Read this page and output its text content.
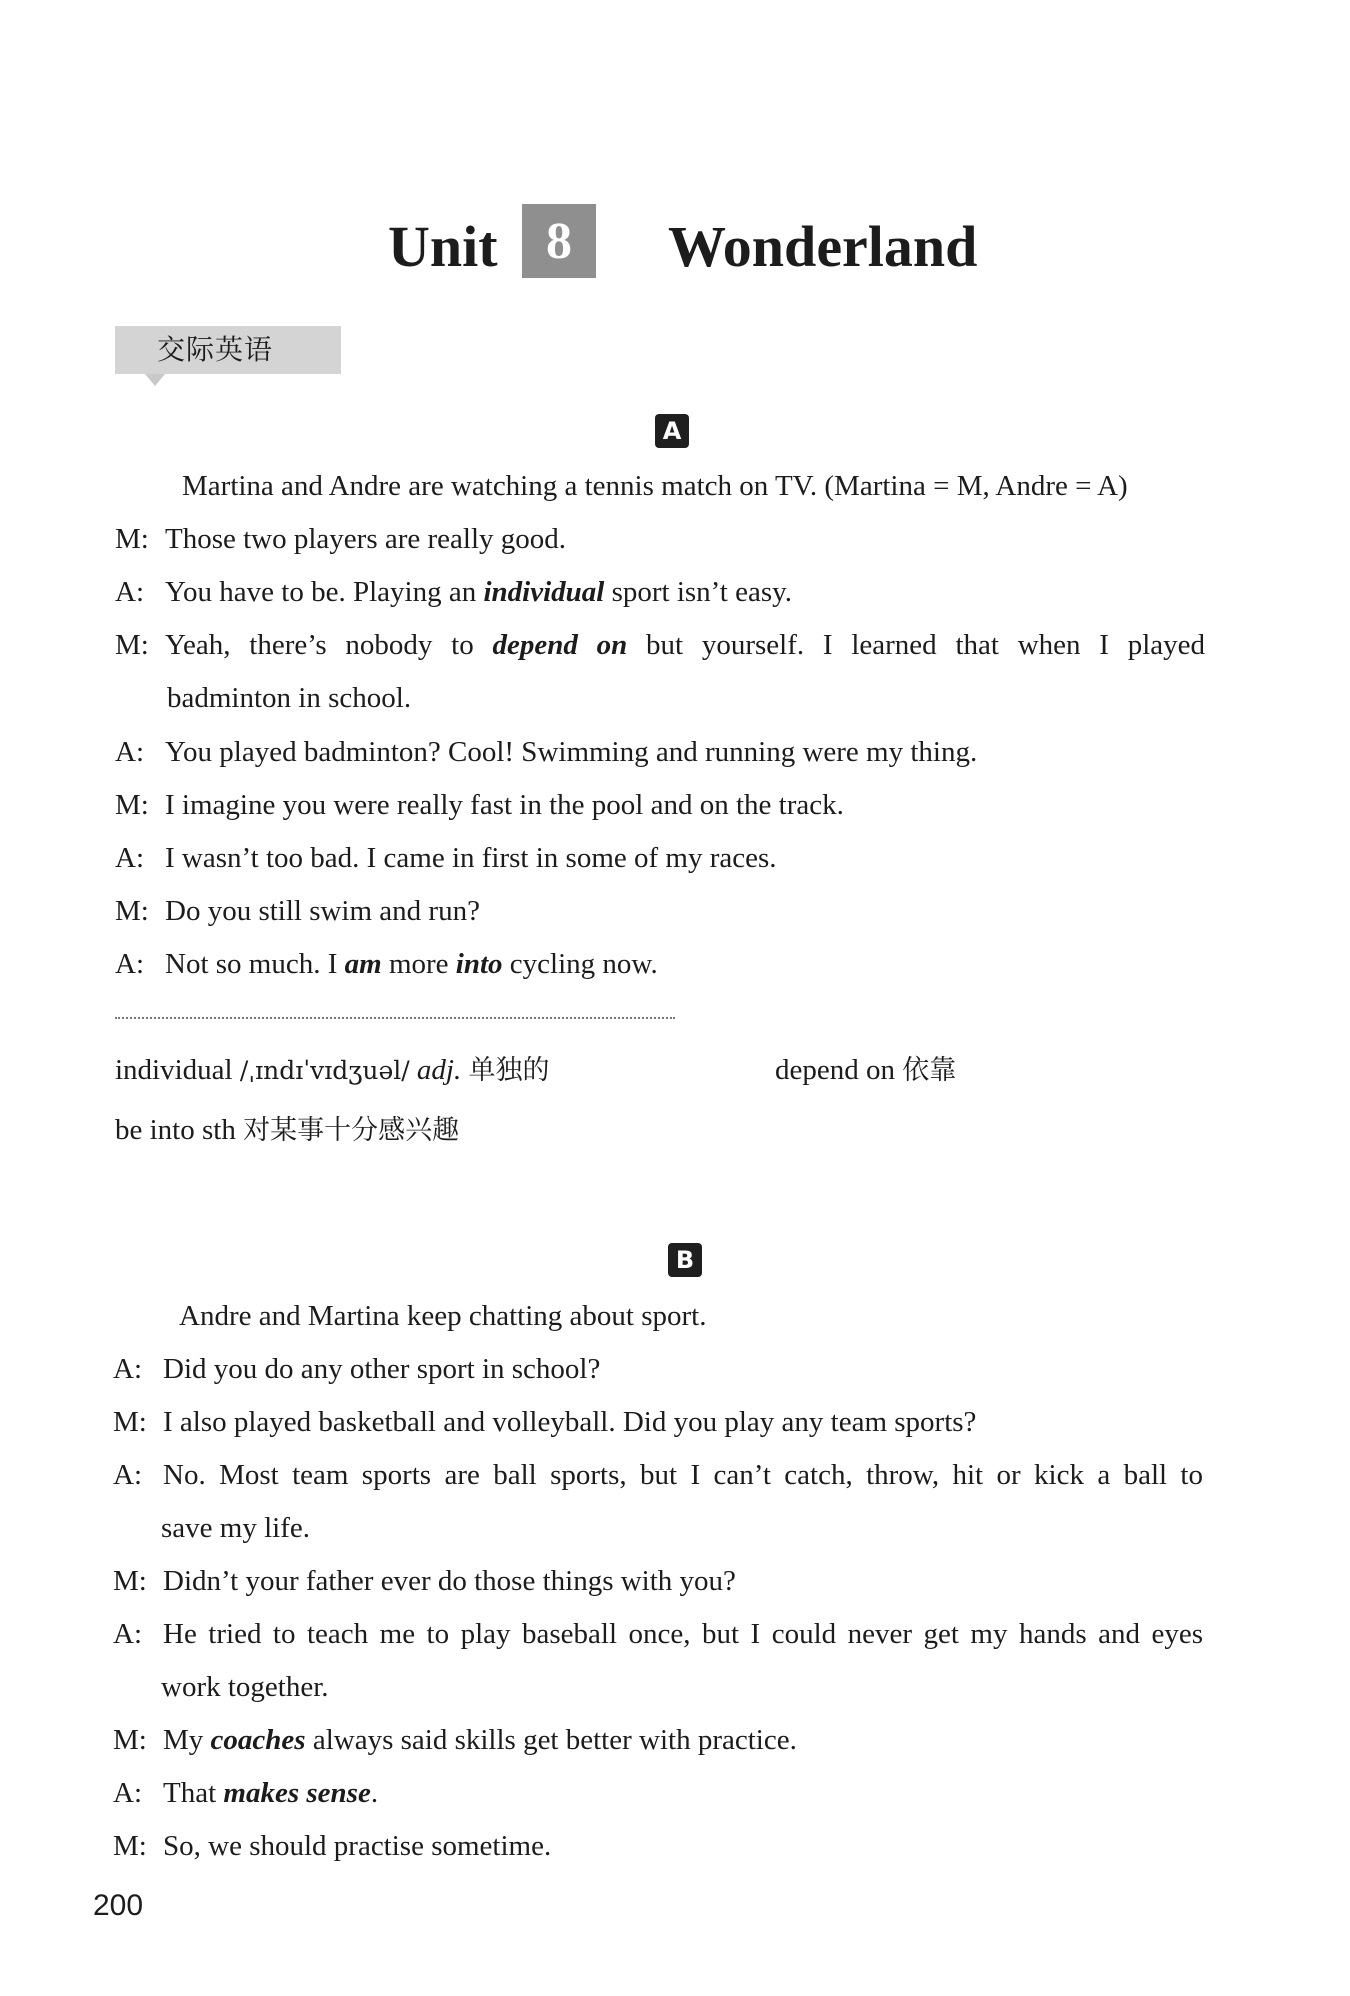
Unit 8	Wonderland
交际英语
A
Martina and Andre are watching a tennis match on TV. (Martina = M, Andre = A)
M: Those two players are really good.
A: You have to be. Playing an individual sport isn’t easy.
M: Yeah, there’s nobody to depend on but yourself. I learned that when I played
badminton in school.
A: You played badminton? Cool! Swimming and running were my thing.
M: I imagine you were really fast in the pool and on the track.
A: I wasn’t too bad. I came in first in some of my races.
M: Do you still swim and run?
A: Not so much. I am more into cycling now.
individual /ˌɪndɪˈvɪdʒuəl/ adj. 单独的	depend on 依靠
be into sth 对某事十分感兴趣
B
Andre and Martina keep chatting about sport.
A: Did you do any other sport in school?
M: I also played basketball and volleyball. Did you play any team sports?
A: No. Most team sports are ball sports, but I can’t catch, throw, hit or kick a ball to
save my life.
M: Didn’t your father ever do those things with you?
A: He tried to teach me to play baseball once, but I could never get my hands and eyes
work together.
M: My coaches always said skills get better with practice.
A: That makes sense.
M: So, we should practise sometime.
200
